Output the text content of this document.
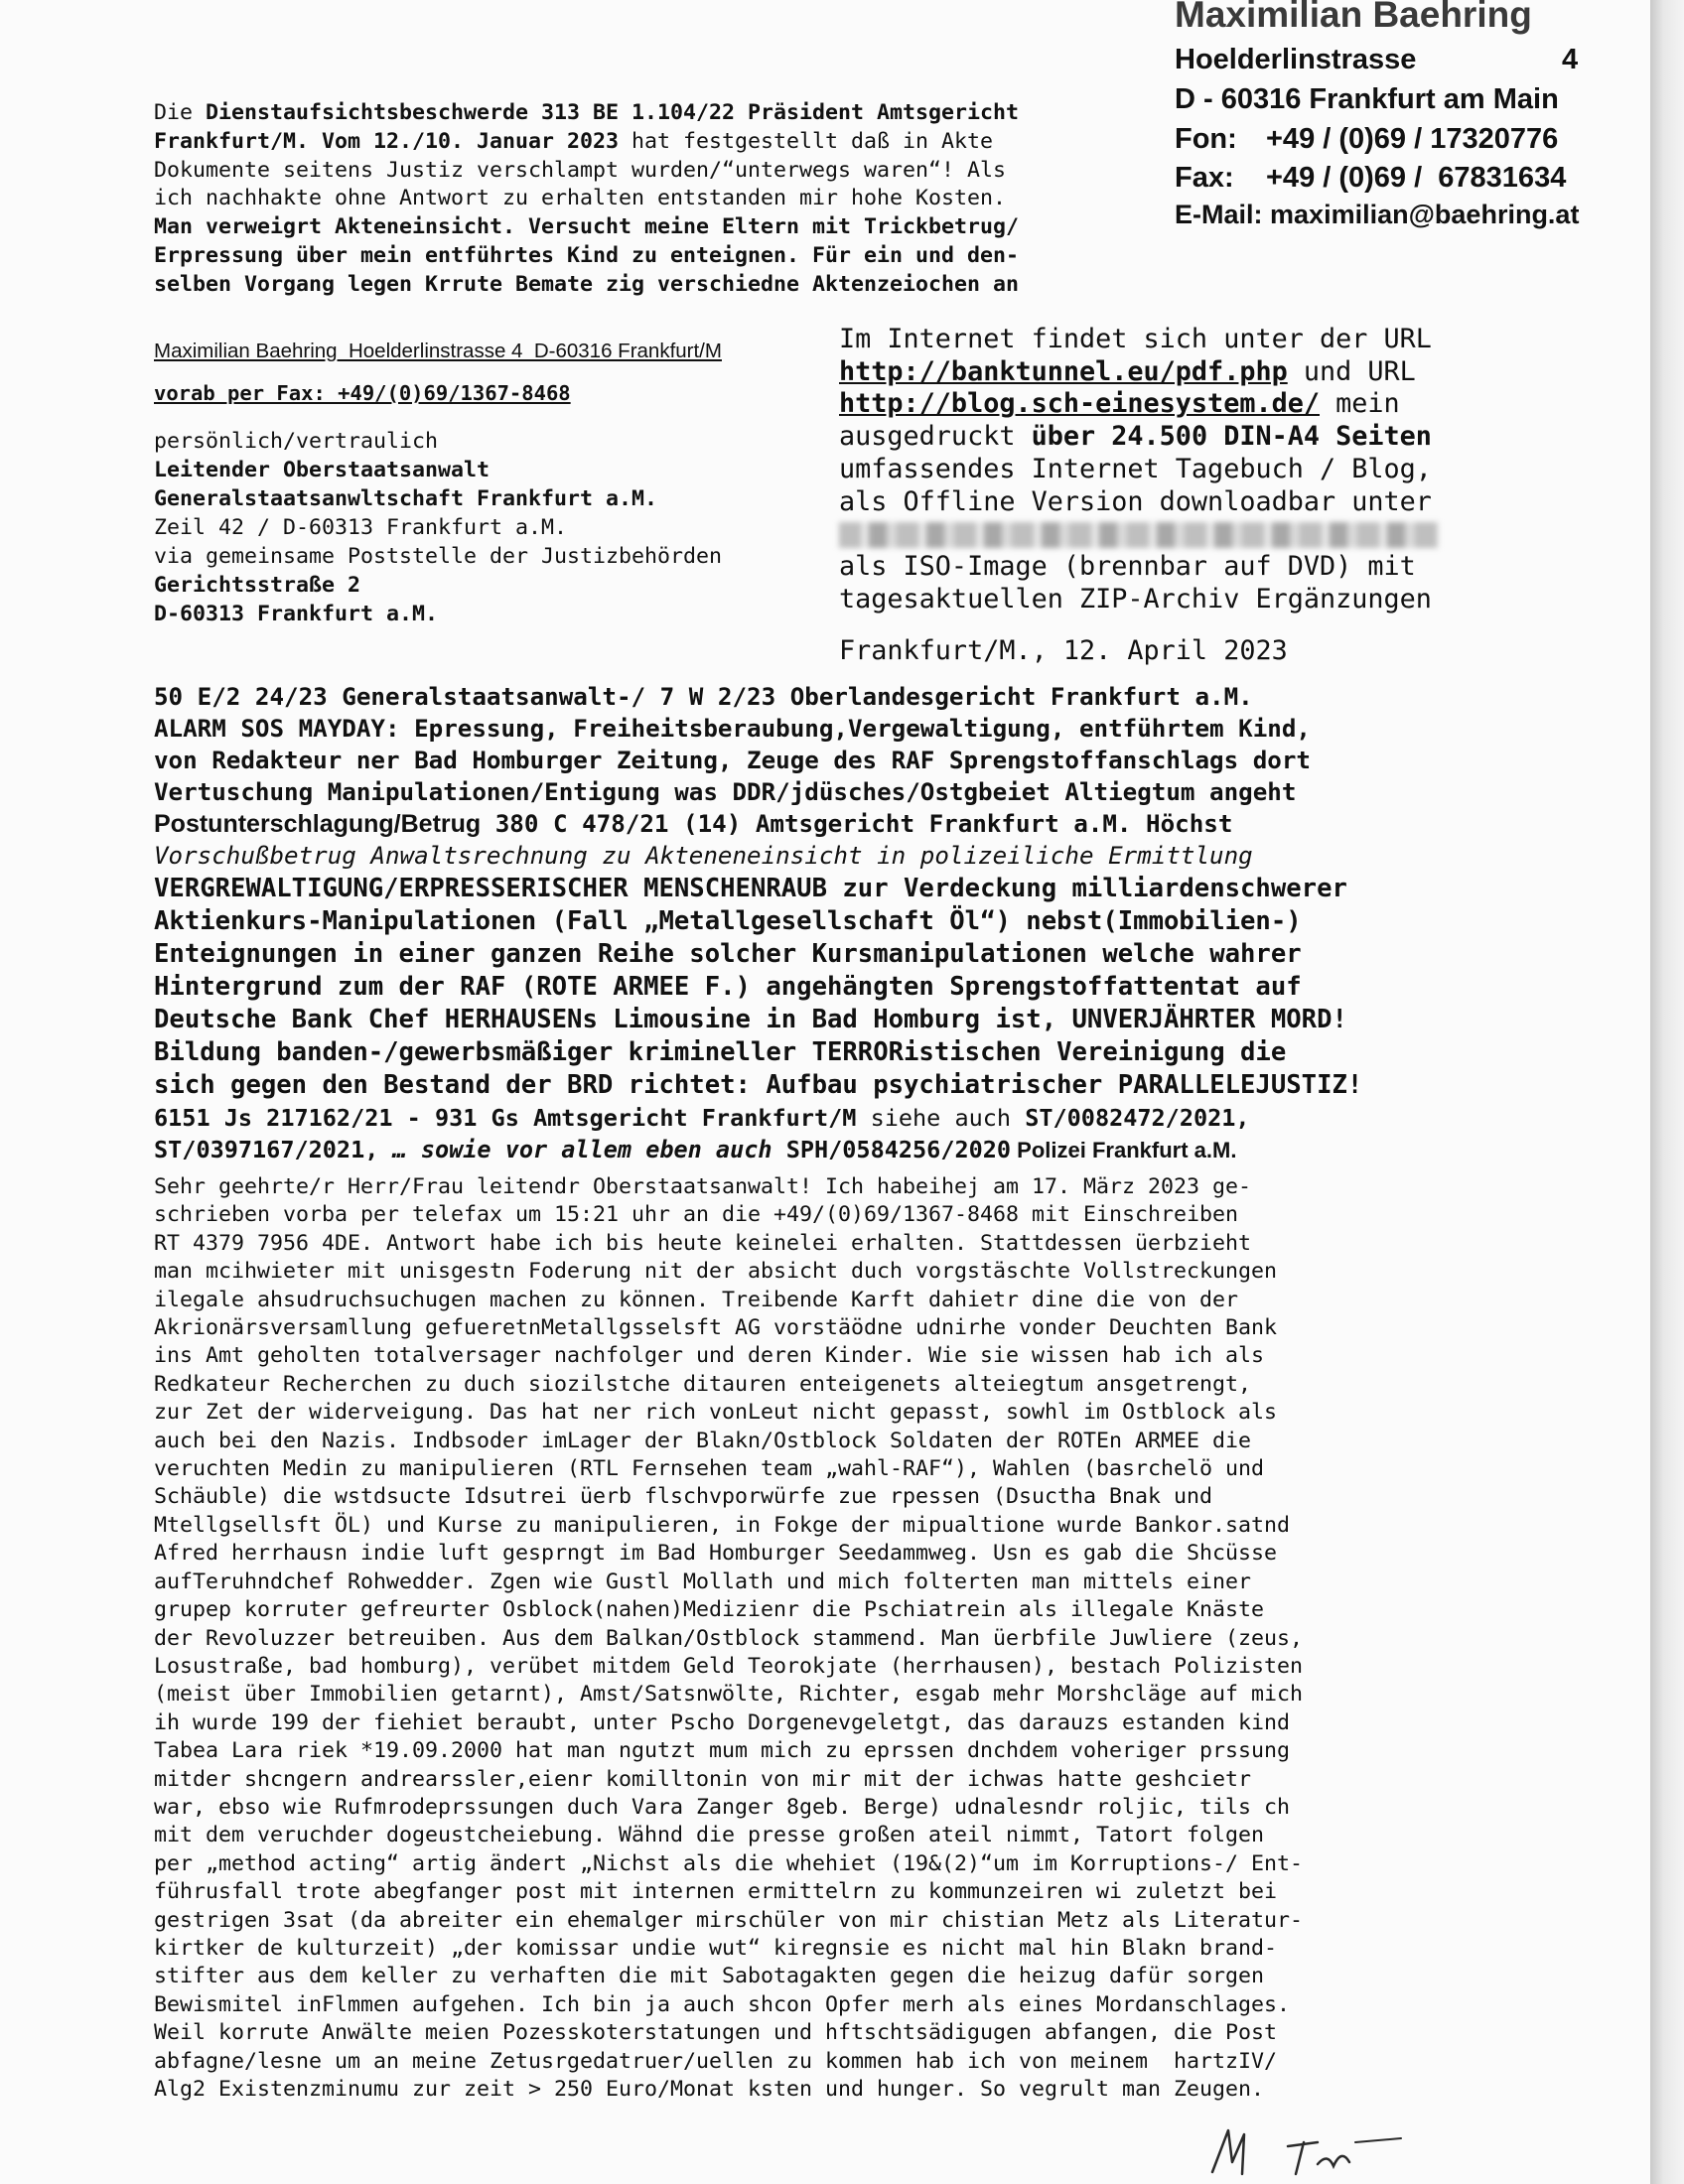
Maximilian Baehring
Hoelderlinstrasse	4
D - 60316 Frankfurt am Main
Fon: +49 / (0)69 / 17320776
Fax: +49 / (0)69 /  67831634
E-Mail: maximilian@baehring.at
Die Dienstaufsichtsbeschwerde 313 BE 1.104/22 Präsident Amtsgericht
Frankfurt/M. Vom 12./10. Januar 2023 hat festgestellt daß in Akte
Dokumente seitens Justiz verschlampt wurden/“unterwegs waren“! Als
ich nachhakte ohne Antwort zu erhalten entstanden mir hohe Kosten.
Man verweigrt Akteneinsicht. Versucht meine Eltern mit Trickbetrug/
Erpressung über mein entführtes Kind zu enteignen. Für ein und den-
selben Vorgang legen Krrute Bemate zig verschiedne Aktenzeiochen an
Maximilian Baehring  Hoelderlinstrasse 4  D-60316 Frankfurt/M
vorab per Fax: +49/(0)69/1367-8468
persönlich/vertraulich
Leitender Oberstaatsanwalt
Generalstaatsanwltschaft Frankfurt a.M.
Zeil 42 / D-60313 Frankfurt a.M.
via gemeinsame Poststelle der Justizbehörden
Gerichtsstraße 2
D-60313 Frankfurt a.M.
Im Internet findet sich unter der URL
http://banktunnel.eu/pdf.php und URL
http://blog.sch-einesystem.de/ mein
ausgedruckt über 24.500 DIN-A4 Seiten
umfassendes Internet Tagebuch / Blog,
als Offline Version downloadbar unter

als ISO-Image (brennbar auf DVD) mit
tagesaktuellen ZIP-Archiv Ergänzungen
Frankfurt/M., 12. April 2023
50 E/2 24/23 Generalstaatsanwalt-/ 7 W 2/23 Oberlandesgericht Frankfurt a.M.
ALARM SOS MAYDAY: Epressung, Freiheitsberaubung,Vergewaltigung, entführtem Kind,
von Redakteur ner Bad Homburger Zeitung, Zeuge des RAF Sprengstoffanschlags dort
Vertuschung Manipulationen/Entigung was DDR/jdüsches/Ostgbeiet Altiegtum angeht
Postunterschlagung/Betrug 380 C 478/21 (14) Amtsgericht Frankfurt a.M. Höchst
Vorschußbetrug Anwaltsrechnung zu Akteneneinsicht in polizeiliche Ermittlung
VERGREWALTIGUNG/ERPRESSERISCHER MENSCHENRAUB zur Verdeckung milliardenschwerer
Aktienkurs-Manipulationen (Fall „Metallgesellschaft Öl“) nebst(Immobilien-)
Enteignungen in einer ganzen Reihe solcher Kursmanipulationen welche wahrer
Hintergrund zum der RAF (ROTE ARMEE F.) angehängten Sprengstoffattentat auf
Deutsche Bank Chef HERHAUSENs Limousine in Bad Homburg ist, UNVERJÄHRTER MORD!
Bildung banden-/gewerbsmäßiger krimineller TERRORistischen Vereinigung die
sich gegen den Bestand der BRD richtet: Aufbau psychiatrischer PARALLELEJUSTIZ!
6151 Js 217162/21 - 931 Gs Amtsgericht Frankfurt/M siehe auch ST/0082472/2021,
ST/0397167/2021, … sowie vor allem eben auch SPH/0584256/2020 Polizei Frankfurt a.M.
Sehr geehrte/r Herr/Frau leitendr Oberstaatsanwalt! Ich habeihej am 17. März 2023 ge-
schrieben vorba per telefax um 15:21 uhr an die +49/(0)69/1367-8468 mit Einschreiben
RT 4379 7956 4DE. Antwort habe ich bis heute keinelei erhalten. Stattdessen üerbzieht
man mcihwieter mit unisgestn Foderung nit der absicht duch vorgstäschte Vollstreckungen
ilegale ahsudruchsuchugen machen zu können. Treibende Karft dahietr dine die von der
Akrionärsversamllung gefueretnMetallgsselsft AG vorstäödne udnirhe vonder Deuchten Bank
ins Amt geholten totalversager nachfolger und deren Kinder. Wie sie wissen hab ich als
Redkateur Recherchen zu duch siozilstche ditauren enteigenets alteiegtum ansgetrengt,
zur Zet der widerveigung. Das hat ner rich vonLeut nicht gepasst, sowhl im Ostblock als
auch bei den Nazis. Indbsoder imLager der Blakn/Ostblock Soldaten der ROTEn ARMEE die
veruchten Medin zu manipulieren (RTL Fernsehen team „wahl-RAF“), Wahlen (basrchelö und
Schäuble) die wstdsucte Idsutrei üerb flschvporwürfe zue rpessen (Dsuctha Bnak und
Mtellgsellsft ÖL) und Kurse zu manipulieren, in Fokge der mipualtione wurde Bankor.satnd
Afred herrhausn indie luft gesprngt im Bad Homburger Seedammweg. Usn es gab die Shcüsse
aufTeruhndchef Rohwedder. Zgen wie Gustl Mollath und mich folterten man mittels einer
grupep korruter gefreurter Osblock(nahen)Medizienr die Pschiatrein als illegale Knäste
der Revoluzzer betreuiben. Aus dem Balkan/Ostblock stammend. Man üerbfile Juwliere (zeus,
Losustraße, bad homburg), verübet mitdem Geld Teorokjate (herrhausen), bestach Polizisten
(meist über Immobilien getarnt), Amst/Satsnwölte, Richter, esgab mehr Morshcläge auf mich
ih wurde 199 der fiehiet beraubt, unter Pscho Dorgenevgeletgt, das darauzs estanden kind
Tabea Lara riek *19.09.2000 hat man ngutzt mum mich zu eprssen dnchdem voheriger prssung
mitder shcngern andrearssler,eienr komilltonin von mir mit der ichwas hatte geshcietr
war, ebso wie Rufmrodeprssungen duch Vara Zanger 8geb. Berge) udnalesndr roljic, tils ch
mit dem veruchder dogeustcheiebung. Wähnd die presse großen ateil nimmt, Tatort folgen
per „method acting“ artig ändert „Nichst als die whehiet (19&(2)“um im Korruptions-/ Ent-
führusfall trote abegfanger post mit internen ermittelrn zu kommunzeiren wi zuletzt bei
gestrigen 3sat (da abreiter ein ehemalger mirschüler von mir chistian Metz als Literatur-
kirtker de kulturzeit) „der komissar undie wut“ kiregnsie es nicht mal hin Blakn brand-
stifter aus dem keller zu verhaften die mit Sabotagakten gegen die heizug dafür sorgen
Bewismitel inFlmmen aufgehen. Ich bin ja auch shcon Opfer merh als eines Mordanschlages.
Weil korrute Anwälte meien Pozesskoterstatungen und hftschtsädigugen abfangen, die Post
abfagne/lesne um an meine Zetusrgedatruer/uellen zu kommen hab ich von meinem  hartzIV/
Alg2 Existenzminumu zur zeit > 250 Euro/Monat ksten und hunger. So vegrult man Zeugen.
